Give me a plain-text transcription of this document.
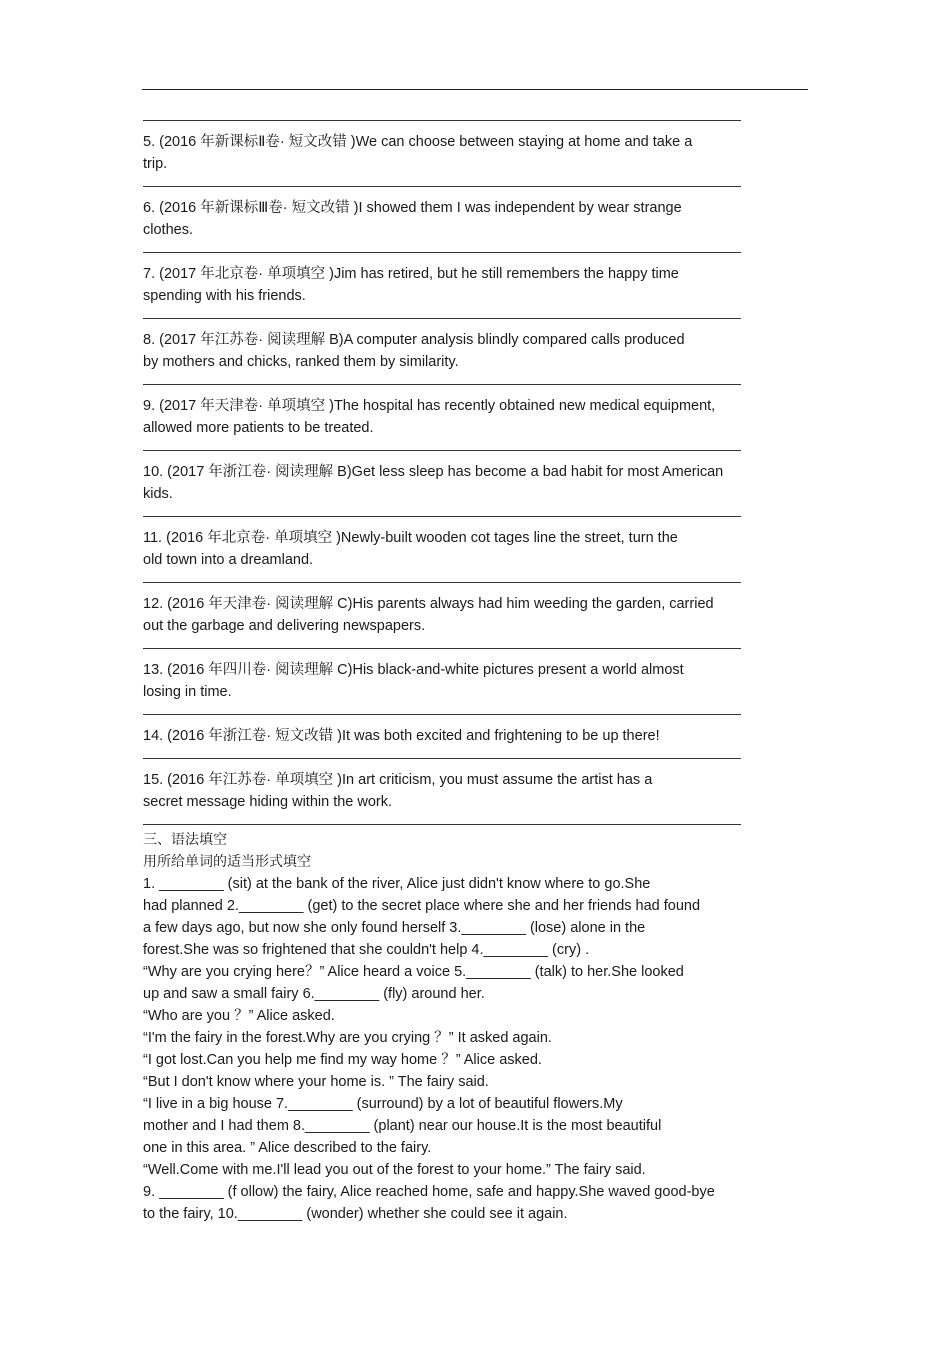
5. (2016 年新课标Ⅱ卷· 短文改错 )We can choose between staying at home and take a

trip.

6. (2016 年新课标Ⅲ卷· 短文改错 )I showed them I was independent by wear strange

clothes.

7. (2017 年北京卷· 单项填空 )Jim has retired, but he still remembers the happy time

spending with his friends.

8. (2017 年江苏卷· 阅读理解 B)A computer analysis blindly compared calls produced

by mothers and chicks, ranked them by similarity.

9. (2017 年天津卷· 单项填空 )The hospital has recently obtained new medical equipment,

allowed more patients to be treated.

10. (2017 年浙江卷· 阅读理解 B)Get less sleep has become a bad habit for most American

kids.

11. (2016 年北京卷· 单项填空 )Newly-built wooden cot tages line the street, turn the

old town into a dreamland.

12. (2016 年天津卷· 阅读理解 C)His parents always had him weeding the garden, carried

out the garbage and delivering newspapers.

13. (2016 年四川卷· 阅读理解 C)His black-and-white pictures present a world almost

losing in time.

14. (2016 年浙江卷· 短文改错 )It was both excited and frightening to be up there!

15. (2016 年江苏卷· 单项填空 )In art criticism, you must assume the artist has a

secret message hiding within the work.

三、语法填空

用所给单词的适当形式填空

1. ________ (sit) at the bank of the river, Alice just didn't know where to go.She

had planned 2.________ (get) to the secret place where she and her friends had found

a few days ago, but now she only found herself 3.________ (lose) alone in the

forest.She was so frightened that she couldn't help 4.________ (cry) .

“Why are you crying here？” Alice heard a voice 5.________ (talk) to her.She looked

up and saw a small fairy 6.________ (fly) around her.

“Who are you ？” Alice asked.

“I'm the fairy in the forest.Why are you crying ？” It asked again.

“I got lost.Can you help me find my way home ？” Alice asked.

“But I don't know where your home is. ” The fairy said.

“I live in a big house 7.________ (surround) by a lot of beautiful flowers.My

mother and I had them 8.________ (plant) near our house.It is the most beautiful

one in this area. ” Alice described to the fairy.

“Well.Come with me.I'll lead you out of the forest to your home.” The fairy said.

9. ________ (f ollow) the fairy, Alice reached home, safe and happy.She waved good-bye

to the fairy, 10.________ (wonder) whether she could see it again.
